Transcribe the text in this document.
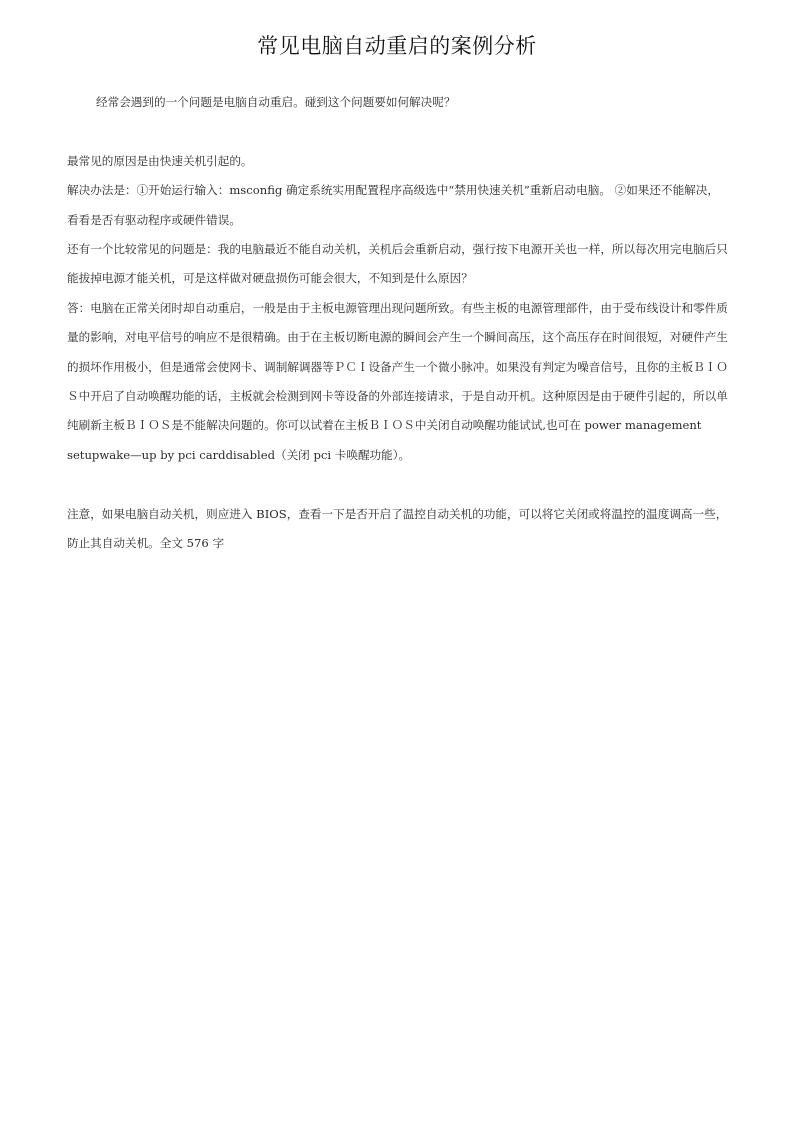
常见电脑自动重启的案例分析

经常会遇到的一个问题是电脑自动重启。碰到这个问题要如何解决呢？

最常见的原因是由快速关机引起的。

解决办法是：①开始运行输入：msconfig 确定系统实用配置程序高级选中“禁用快速关机”重新启动电脑。 ②如果还不能解决，看看是否有驱动程序或硬件错误。

还有一个比较常见的问题是：我的电脑最近不能自动关机，关机后会重新启动，强行按下电源开关也一样，所以每次用完电脑后只能拔掉电源才能关机，可是这样做对硬盘损伤可能会很大，不知到是什么原因？

答：电脑在正常关闭时却自动重启，一般是由于主板电源管理出现问题所致。有些主板的电源管理部件，由于受布线设计和零件质量的影响，对电平信号的响应不是很精确。由于在主板切断电源的瞬间会产生一个瞬间高压，这个高压存在时间很短，对硬件产生的损坏作用极小，但是通常会使网卡、调制解调器等ＰＣＩ设备产生一个微小脉冲。如果没有判定为噪音信号，且你的主板ＢＩＯＳ中开启了自动唤醒功能的话，主板就会检测到网卡等设备的外部连接请求，于是自动开机。这种原因是由于硬件引起的，所以单纯刷新主板ＢＩＯＳ是不能解决问题的。你可以试着在主板ＢＩＯＳ中关闭自动唤醒功能试试,也可在 power management setupwake—up by pci carddisabled（关闭 pci 卡唤醒功能）。

注意，如果电脑自动关机，则应进入 BIOS，查看一下是否开启了温控自动关机的功能，可以将它关闭或将温控的温度调高一些，防止其自动关机。全文 576 字
